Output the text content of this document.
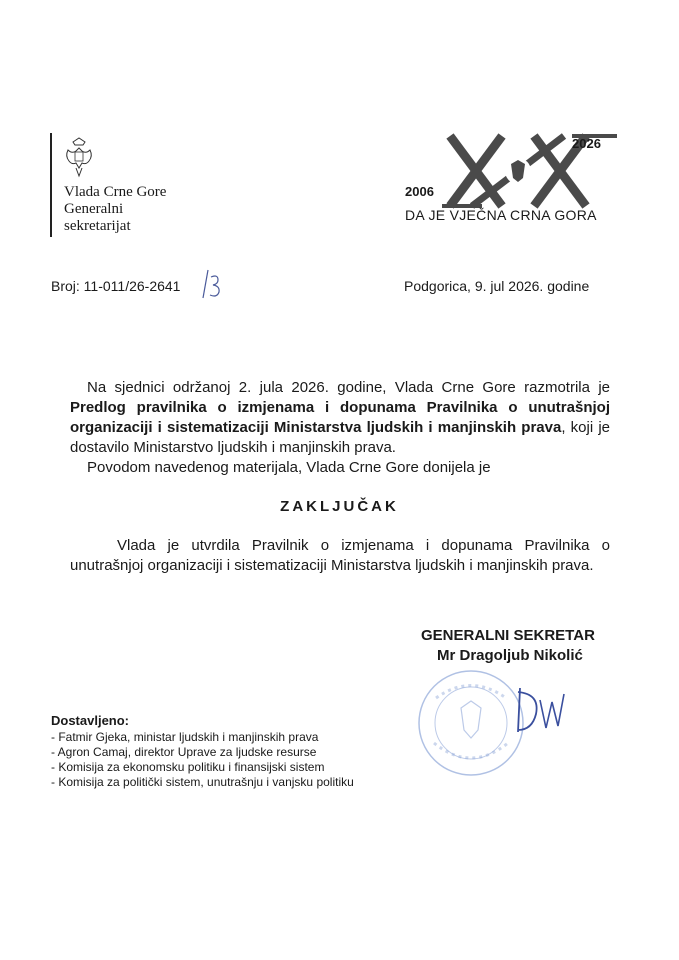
Vlada Crne Gore
Generalni
sekretarijat
2006
2026
DA JE VJEČNA CRNA GORA
Broj: 11-011/26-2641	Podgorica, 9. jul 2026. godine
Na sjednici održanoj 2. jula 2026. godine, Vlada Crne Gore razmotrila je Predlog pravilnika o izmjenama i dopunama Pravilnika o unutrašnjoj organizaciji i sistematizaciji Ministarstva ljudskih i manjinskih prava, koji je dostavilo Ministarstvo ljudskih i manjinskih prava.
Povodom navedenog materijala, Vlada Crne Gore donijela je
ZAKLJUČAK
Vlada je utvrdila Pravilnik o izmjenama i dopunama Pravilnika o unutrašnjoj organizaciji i sistematizaciji Ministarstva ljudskih i manjinskih prava.
GENERALNI SEKRETAR
Mr Dragoljub Nikolić
Dostavljeno:
- Fatmir Gjeka, ministar ljudskih i manjinskih prava
- Agron Camaj, direktor Uprave za ljudske resurse
- Komisija za ekonomsku politiku i finansijski sistem
- Komisija za politički sistem, unutrašnju i vanjsku politiku
